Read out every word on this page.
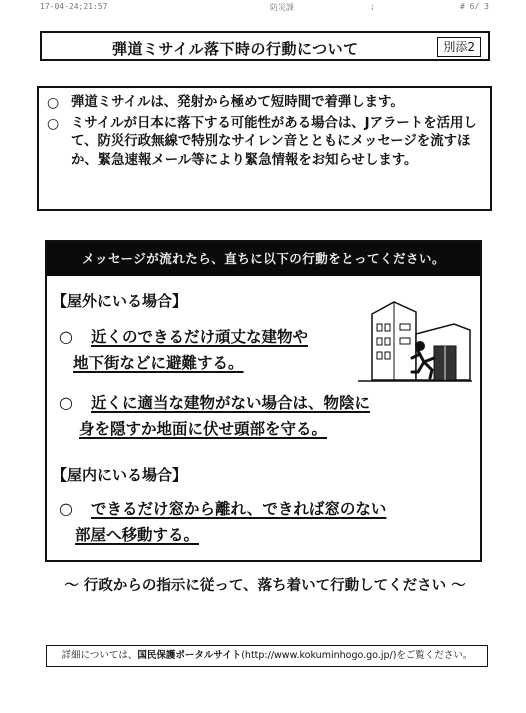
17-04-24;21:57	防災課	;	# 6/ 3
弾道ミサイル落下時の行動について	別添2
○ 弾道ミサイルは、発射から極めて短時間で着弾します。
○ ミサイルが日本に落下する可能性がある場合は、Jアラートを活用して、防災行政無線で特別なサイレン音とともにメッセージを流すほか、緊急速報メール等により緊急情報をお知らせします。
メッセージが流れたら、直ちに以下の行動をとってください。
【屋外にいる場合】
○ 近くのできるだけ頑丈な建物や
地下街などに避難する。
○ 近くに適当な建物がない場合は、物陰に
身を隠すか地面に伏せ頭部を守る。
【屋内にいる場合】
○ できるだけ窓から離れ、できれば窓のない
部屋へ移動する。
～ 行政からの指示に従って、落ち着いて行動してください ～
詳細については、国民保護ポータルサイト(http://www.kokuminhogo.go.jp/)をご覧ください。
